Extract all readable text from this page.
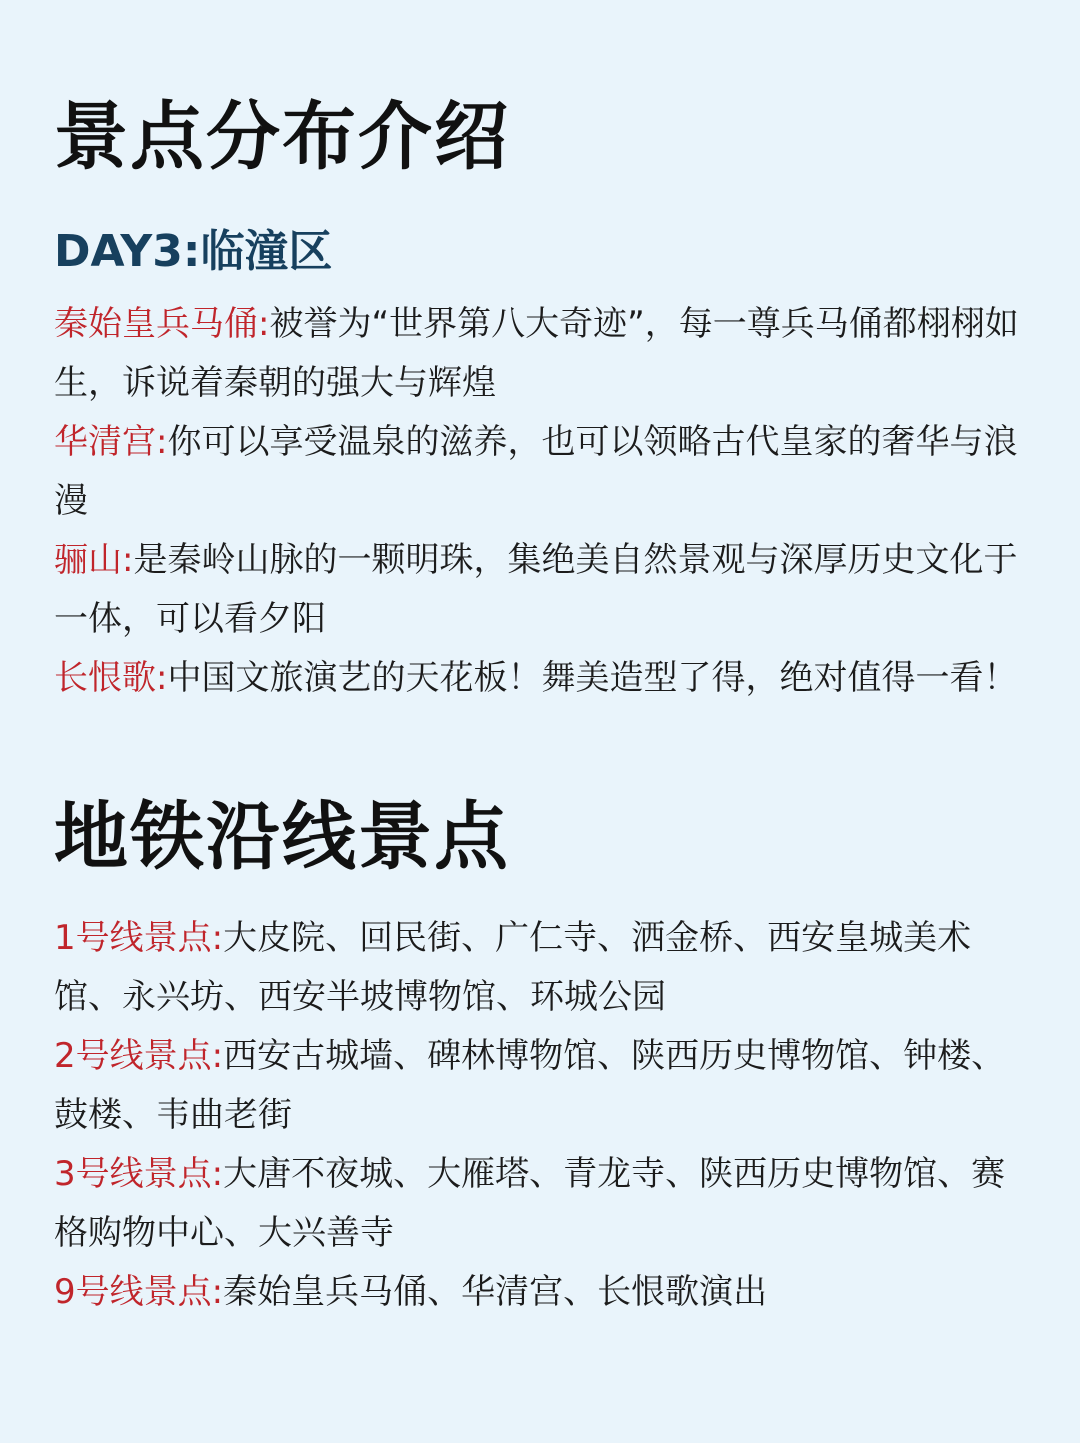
景点分布介绍
DAY3:临潼区

秦始皇兵马俑:被誉为“世界第八大奇迹”，每一尊兵马俑都栩栩如生，诉说着秦朝的强大与辉煌

华清宫:你可以享受温泉的滋养，也可以领略古代皇家的奢华与浪漫

骊山:是秦岭山脉的一颗明珠，集绝美自然景观与深厚历史文化于一体，可以看夕阳

长恨歌:中国文旅演艺的天花板！舞美造型了得，绝对值得一看！

地铁沿线景点

1号线景点:大皮院、回民街、广仁寺、洒金桥、西安皇城美术馆、永兴坊、西安半坡博物馆、环城公园

2号线景点:西安古城墙、碑林博物馆、陕西历史博物馆、钟楼、鼓楼、韦曲老街

3号线景点:大唐不夜城、大雁塔、青龙寺、陕西历史博物馆、赛格购物中心、大兴善寺

9号线景点:秦始皇兵马俑、华清宫、长恨歌演出
